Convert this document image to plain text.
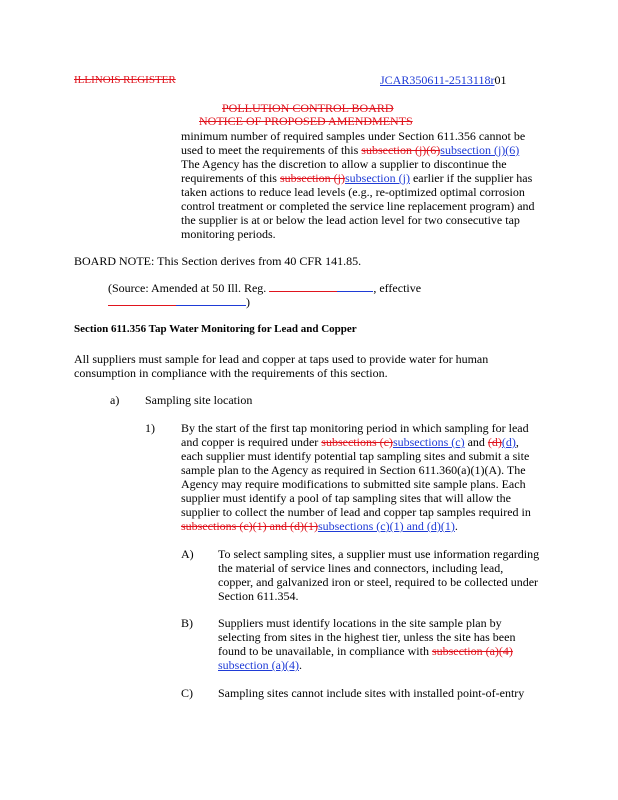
ILLINOIS REGISTER	JCAR350611-2513118r01
POLLUTION CONTROL BOARD
NOTICE OF PROPOSED AMENDMENTS
minimum number of required samples under Section 611.356 cannot be
used to meet the requirements of this subsection (j)(6)subsection (j)(6)
The Agency has the discretion to allow a supplier to discontinue the
requirements of this subsection (j)subsection (j) earlier if the supplier has
taken actions to reduce lead levels (e.g., re-optimized optimal corrosion
control treatment or completed the service line replacement program) and
the supplier is at or below the lead action level for two consecutive tap
monitoring periods.
BOARD NOTE: This Section derives from 40 CFR 141.85.
(Source: Amended at 50 Ill. Reg.	, effective
)
Section 611.356 Tap Water Monitoring for Lead and Copper
All suppliers must sample for lead and copper at taps used to provide water for human
consumption in compliance with the requirements of this section.
a) Sampling site location
1) By the start of the first tap monitoring period in which sampling for lead
and copper is required under subsections (c)subsections (c) and (d)(d),
each supplier must identify potential tap sampling sites and submit a site
sample plan to the Agency as required in Section 611.360(a)(1)(A). The
Agency may require modifications to submitted site sample plans. Each
supplier must identify a pool of tap sampling sites that will allow the
supplier to collect the number of lead and copper tap samples required in
subsections (c)(1) and (d)(1)subsections (c)(1) and (d)(1).
A) To select sampling sites, a supplier must use information regarding
the material of service lines and connectors, including lead,
copper, and galvanized iron or steel, required to be collected under
Section 611.354.
B) Suppliers must identify locations in the site sample plan by
selecting from sites in the highest tier, unless the site has been
found to be unavailable, in compliance with subsection (a)(4)
subsection (a)(4).
C) Sampling sites cannot include sites with installed point-of-entry
